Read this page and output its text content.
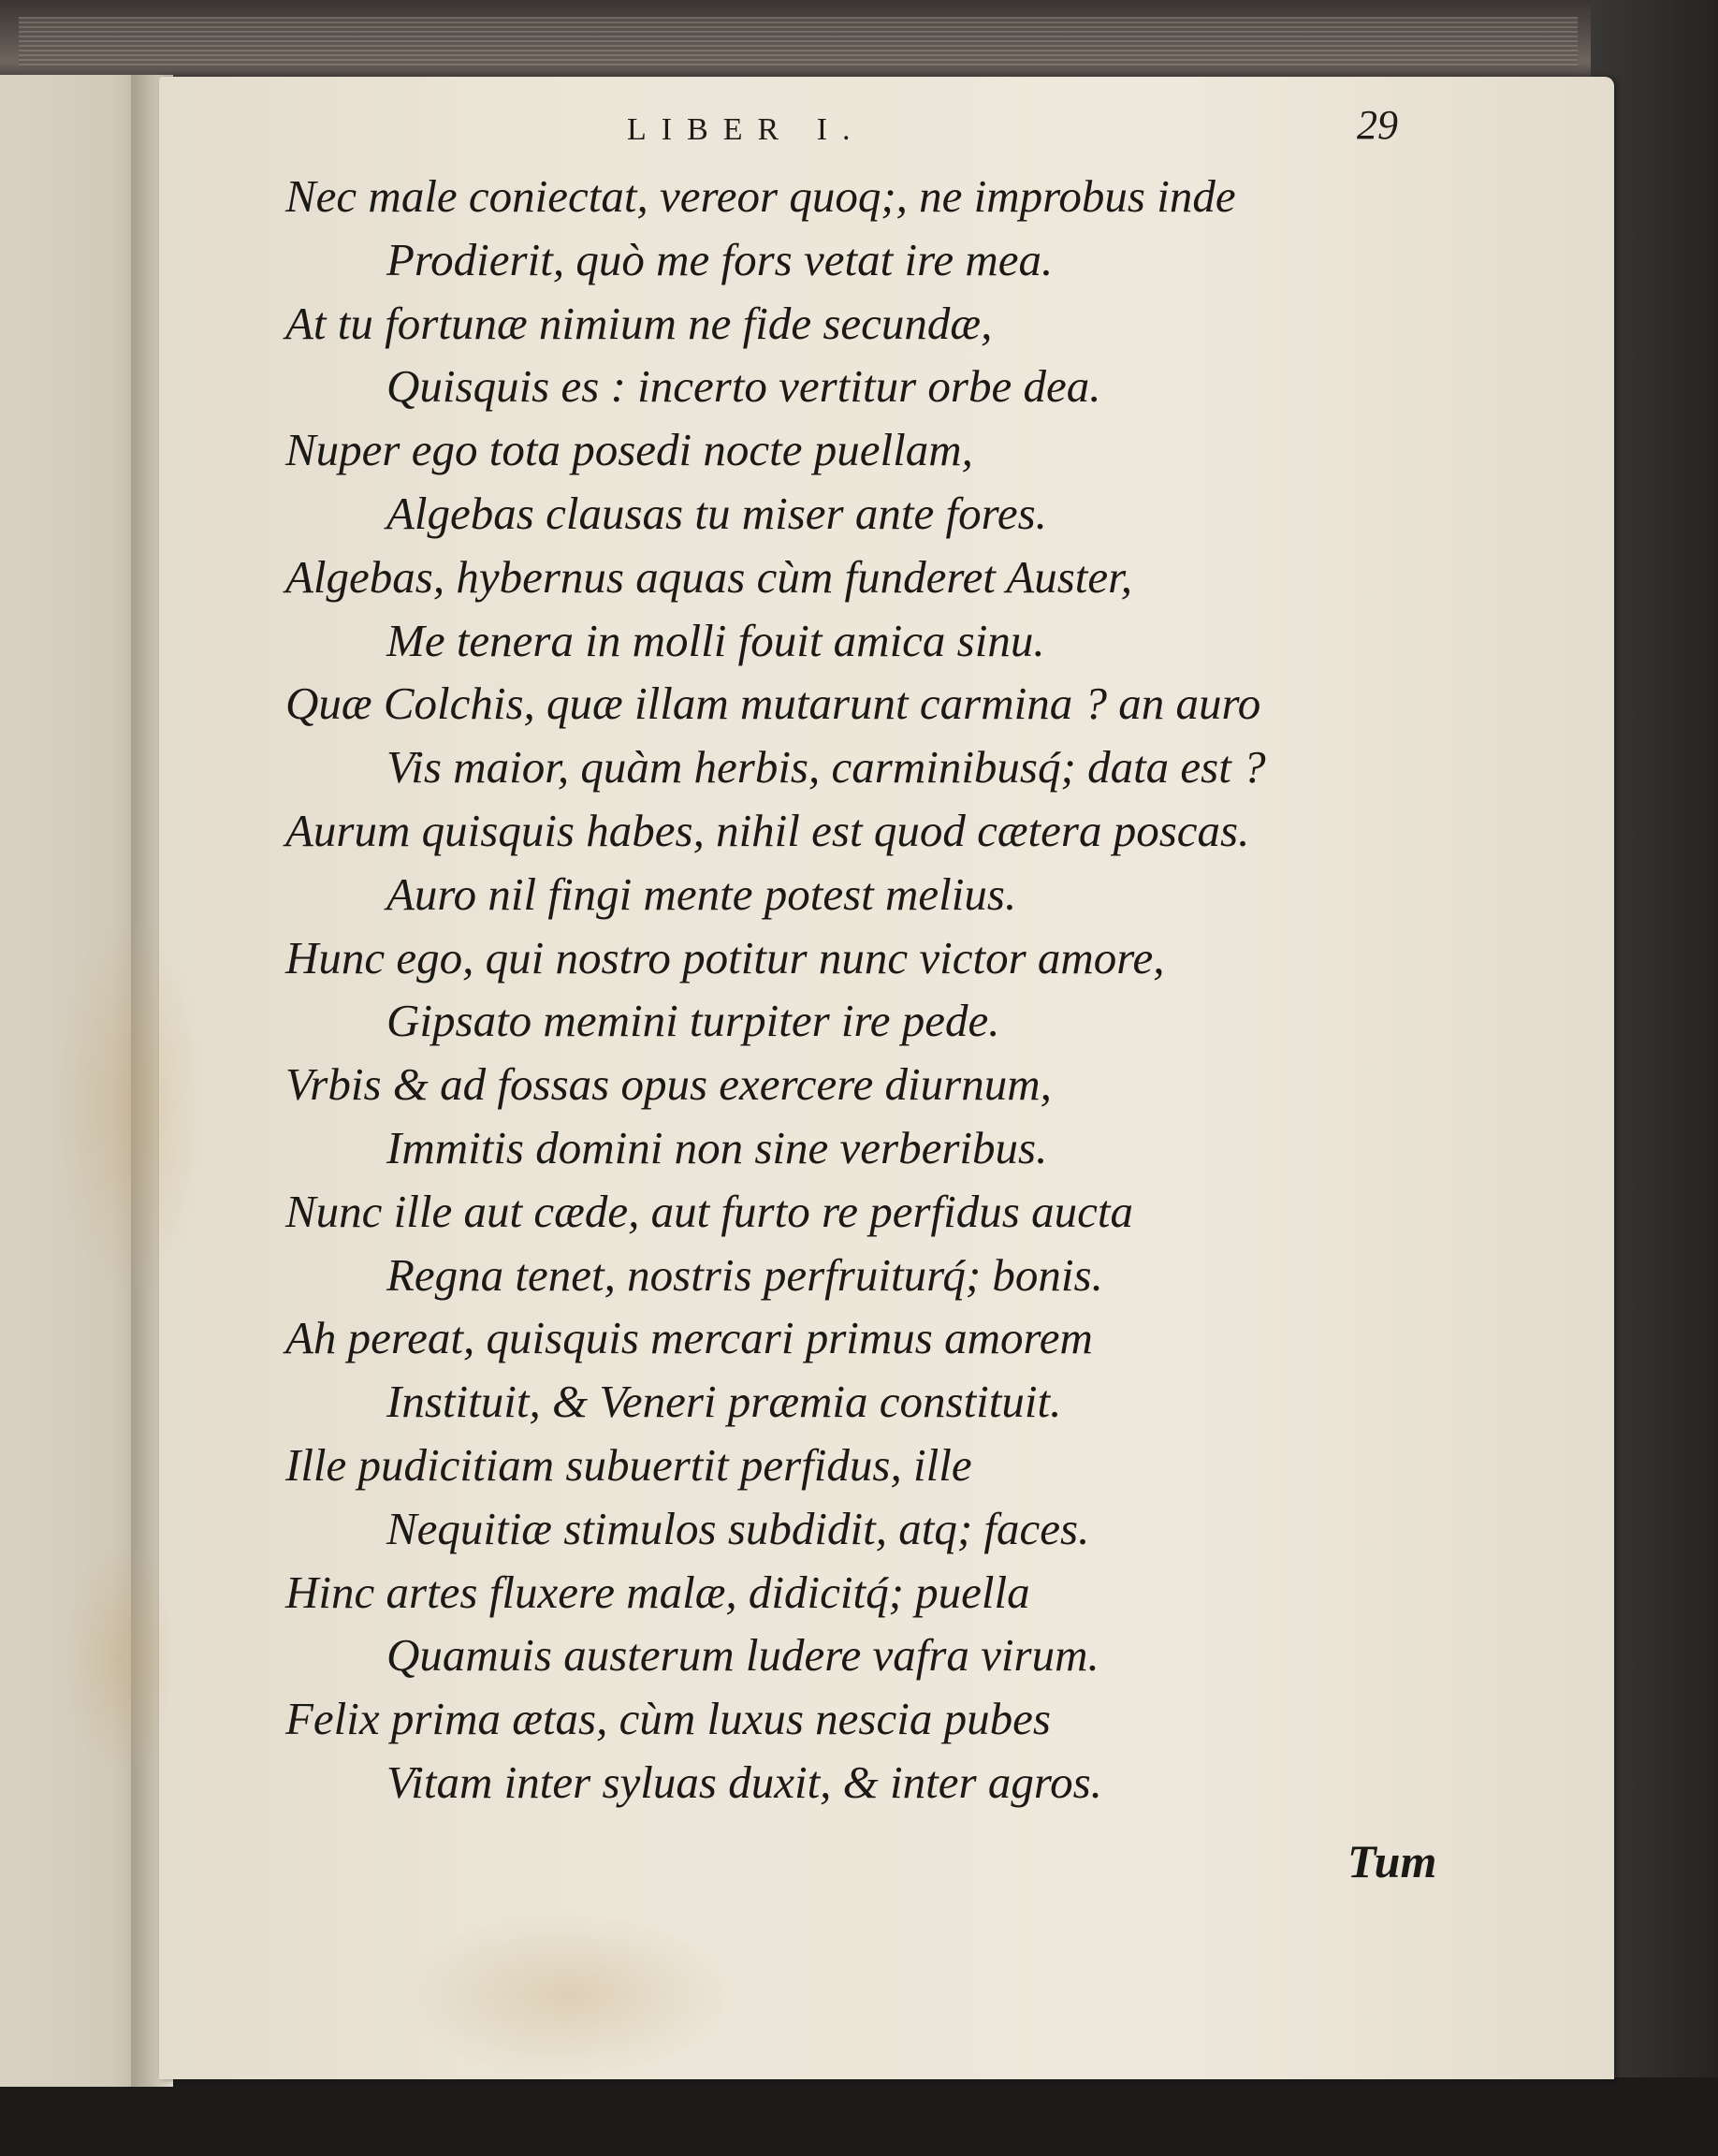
LIBER I.	29
Nec male coniectat, vereor quoq;, ne improbus inde
Prodierit, quò me fors vetat ire mea.
At tu fortunæ nimium ne fide secundæ,
Quisquis es : incerto vertitur orbe dea.
Nuper ego tota posedi nocte puellam,
Algebas clausas tu miser ante fores.
Algebas, hybernus aquas cùm funderet Auster,
Me tenera in molli fouit amica sinu.
Quæ Colchis, quæ illam mutarunt carmina ? an auro
Vis maior, quàm herbis, carminibusq́; data est ?
Aurum quisquis habes, nihil est quod cætera poscas.
Auro nil fingi mente potest melius.
Hunc ego, qui nostro potitur nunc victor amore,
Gipsato memini turpiter ire pede.
Vrbis & ad fossas opus exercere diurnum,
Immitis domini non sine verberibus.
Nunc ille aut cæde, aut furto re perfidus aucta
Regna tenet, nostris perfruiturq́; bonis.
Ah pereat, quisquis mercari primus amorem
Instituit, & Veneri præmia constituit.
Ille pudicitiam subuertit perfidus, ille
Nequitiæ stimulos subdidit, atq; faces.
Hinc artes fluxere malæ, didicitq́; puella
Quamuis austerum ludere vafra virum.
Felix prima ætas, cùm luxus nescia pubes
Vitam inter syluas duxit, & inter agros.
Tum
